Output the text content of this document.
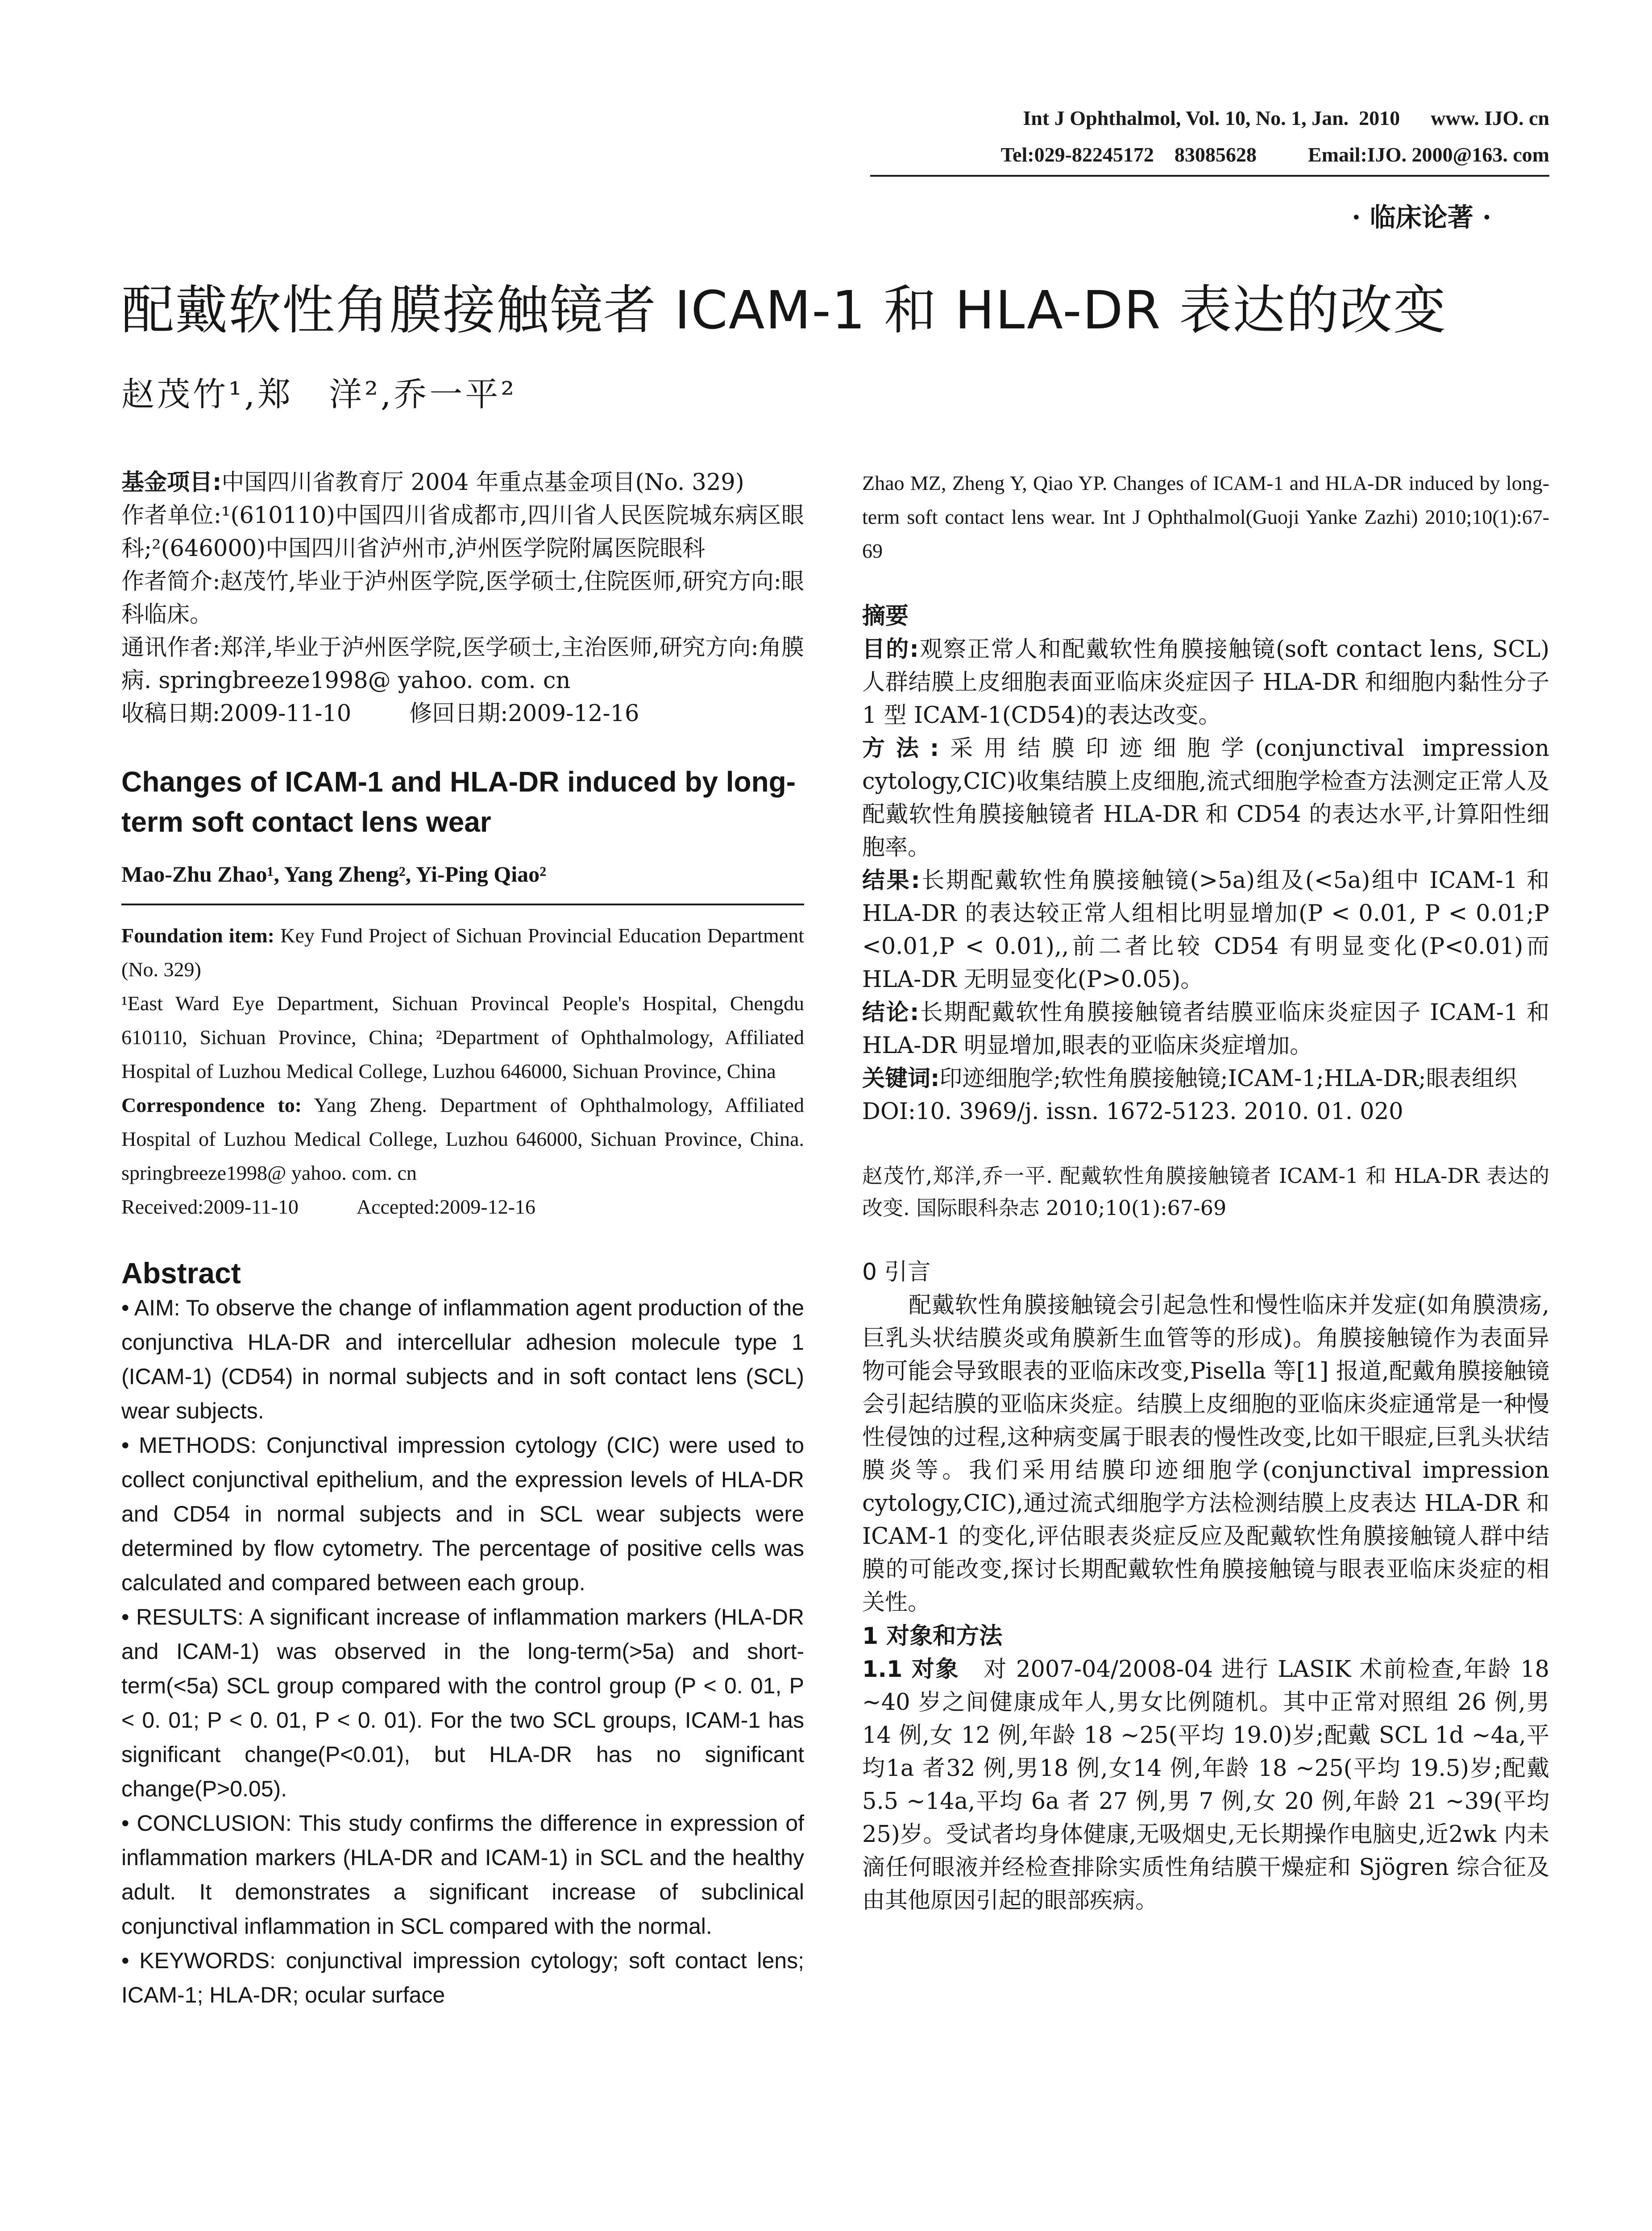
Int J Ophthalmol, Vol. 10, No. 1, Jan.  2010      www. IJO. cn
Tel:029-82245172    83085628          Email:IJO. 2000@163. com
· 临床论著 ·
配戴软性角膜接触镜者 ICAM-1 和 HLA-DR 表达的改变
赵茂竹¹,郑　洋²,乔一平²
基金项目:中国四川省教育厅 2004 年重点基金项目(No. 329)
作者单位:¹(610110)中国四川省成都市,四川省人民医院城东病区眼科;²(646000)中国四川省泸州市,泸州医学院附属医院眼科
作者简介:赵茂竹,毕业于泸州医学院,医学硕士,住院医师,研究方向:眼科临床。
通讯作者:郑洋,毕业于泸州医学院,医学硕士,主治医师,研究方向:角膜病. springbreeze1998@ yahoo. com. cn
收稿日期:2009-11-10	修回日期:2009-12-16
Changes of ICAM-1 and HLA-DR induced by long-term soft contact lens wear
Mao-Zhu Zhao¹, Yang Zheng², Yi-Ping Qiao²
Foundation item: Key Fund Project of Sichuan Provincial Education Department (No. 329)
¹East Ward Eye Department, Sichuan Provincal People's Hospital, Chengdu 610110, Sichuan Province, China; ²Department of Ophthalmology, Affiliated Hospital of Luzhou Medical College, Luzhou 646000, Sichuan Province, China
Correspondence to: Yang Zheng. Department of Ophthalmology, Affiliated Hospital of Luzhou Medical College, Luzhou 646000, Sichuan Province, China. springbreeze1998@ yahoo. com. cn
Received:2009-11-10	Accepted:2009-12-16
Abstract
• AIM: To observe the change of inflammation agent production of the conjunctiva HLA-DR and intercellular adhesion molecule type 1 (ICAM-1) (CD54) in normal subjects and in soft contact lens (SCL) wear subjects.
• METHODS: Conjunctival impression cytology (CIC) were used to collect conjunctival epithelium, and the expression levels of HLA-DR and CD54 in normal subjects and in SCL wear subjects were determined by flow cytometry. The percentage of positive cells was calculated and compared between each group.
• RESULTS: A significant increase of inflammation markers (HLA-DR and ICAM-1) was observed in the long-term(>5a) and short-term(<5a) SCL group compared with the control group (P < 0. 01, P < 0. 01; P < 0. 01, P < 0. 01). For the two SCL groups, ICAM-1 has significant change(P<0.01), but HLA-DR has no significant change(P>0.05).
• CONCLUSION: This study confirms the difference in expression of inflammation markers (HLA-DR and ICAM-1) in SCL and the healthy adult. It demonstrates a significant increase of subclinical conjunctival inflammation in SCL compared with the normal.
• KEYWORDS: conjunctival impression cytology; soft contact lens; ICAM-1; HLA-DR; ocular surface
Zhao MZ, Zheng Y, Qiao YP. Changes of ICAM-1 and HLA-DR induced by long-term soft contact lens wear. Int J Ophthalmol(Guoji Yanke Zazhi) 2010;10(1):67-69
摘要
目的:观察正常人和配戴软性角膜接触镜(soft contact lens, SCL)人群结膜上皮细胞表面亚临床炎症因子 HLA-DR 和细胞内黏性分子 1 型 ICAM-1(CD54)的表达改变。
方法:采用结膜印迹细胞学(conjunctival impression cytology,CIC)收集结膜上皮细胞,流式细胞学检查方法测定正常人及配戴软性角膜接触镜者 HLA-DR 和 CD54 的表达水平,计算阳性细胞率。
结果:长期配戴软性角膜接触镜(>5a)组及(<5a)组中 ICAM-1 和 HLA-DR 的表达较正常人组相比明显增加(P < 0.01, P < 0.01;P <0.01,P < 0.01),,前二者比较 CD54 有明显变化(P<0.01)而 HLA-DR 无明显变化(P>0.05)。
结论:长期配戴软性角膜接触镜者结膜亚临床炎症因子 ICAM-1 和 HLA-DR 明显增加,眼表的亚临床炎症增加。
关键词:印迹细胞学;软性角膜接触镜;ICAM-1;HLA-DR;眼表组织
DOI:10. 3969/j. issn. 1672-5123. 2010. 01. 020
赵茂竹,郑洋,乔一平. 配戴软性角膜接触镜者 ICAM-1 和 HLA-DR 表达的改变. 国际眼科杂志 2010;10(1):67-69
0 引言
配戴软性角膜接触镜会引起急性和慢性临床并发症(如角膜溃疡,巨乳头状结膜炎或角膜新生血管等的形成)。角膜接触镜作为表面异物可能会导致眼表的亚临床改变,Pisella 等[1] 报道,配戴角膜接触镜会引起结膜的亚临床炎症。结膜上皮细胞的亚临床炎症通常是一种慢性侵蚀的过程,这种病变属于眼表的慢性改变,比如干眼症,巨乳头状结膜炎等。我们采用结膜印迹细胞学(conjunctival impression cytology,CIC),通过流式细胞学方法检测结膜上皮表达 HLA-DR 和 ICAM-1 的变化,评估眼表炎症反应及配戴软性角膜接触镜人群中结膜的可能改变,探讨长期配戴软性角膜接触镜与眼表亚临床炎症的相关性。
1 对象和方法
1.1 对象　 对 2007-04/2008-04 进行 LASIK 术前检查,年龄 18 ~40 岁之间健康成年人,男女比例随机。其中正常对照组 26 例,男 14 例,女 12 例,年龄 18 ~25(平均 19.0)岁;配戴 SCL 1d ~4a,平均1a 者32 例,男18 例,女14 例,年龄 18 ~25(平均 19.5)岁;配戴 5.5 ~14a,平均 6a 者 27 例,男 7 例,女 20 例,年龄 21 ~39(平均 25)岁。受试者均身体健康,无吸烟史,无长期操作电脑史,近2wk 内未滴任何眼液并经检查排除实质性角结膜干燥症和 Sjögren 综合征及由其他原因引起的眼部疾病。
